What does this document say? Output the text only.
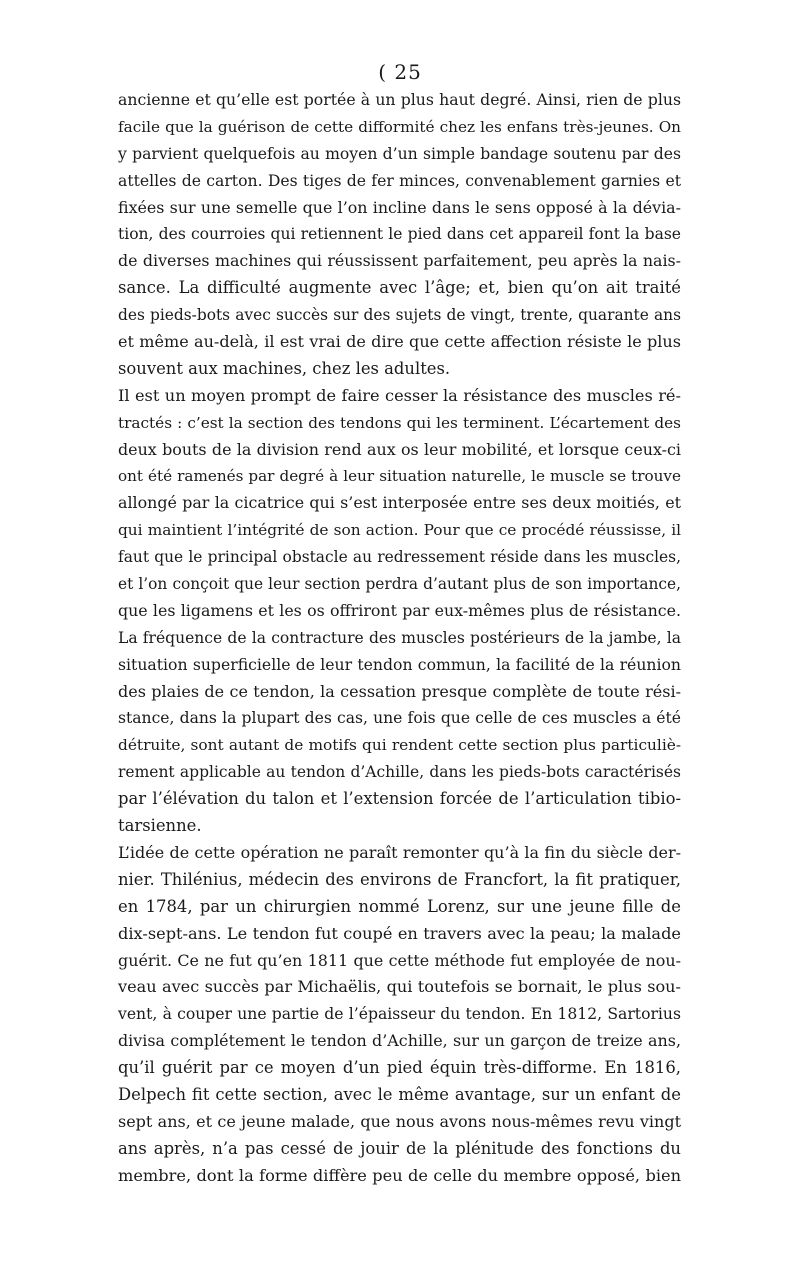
( 25
ancienne et qu’elle est portée à un plus haut degré. Ainsi, rien de plus
facile que la guérison de cette difformité chez les enfans très-jeunes. On
y parvient quelquefois au moyen d’un simple bandage soutenu par des
attelles de carton. Des tiges de fer minces, convenablement garnies et
fixées sur une semelle que l’on incline dans le sens opposé à la dévia-
tion, des courroies qui retiennent le pied dans cet appareil font la base
de diverses machines qui réussissent parfaitement, peu après la nais-
sance. La difficulté augmente avec l’âge; et, bien qu’on ait traité
des pieds-bots avec succès sur des sujets de vingt, trente, quarante ans
et même au-delà, il est vrai de dire que cette affection résiste le plus
souvent aux machines, chez les adultes.
Il est un moyen prompt de faire cesser la résistance des muscles ré-
tractés : c’est la section des tendons qui les terminent. L’écartement des
deux bouts de la division rend aux os leur mobilité, et lorsque ceux-ci
ont été ramenés par degré à leur situation naturelle, le muscle se trouve
allongé par la cicatrice qui s’est interposée entre ses deux moitiés, et
qui maintient l’intégrité de son action. Pour que ce procédé réussisse, il
faut que le principal obstacle au redressement réside dans les muscles,
et l’on conçoit que leur section perdra d’autant plus de son importance,
que les ligamens et les os offriront par eux-mêmes plus de résistance.
La fréquence de la contracture des muscles postérieurs de la jambe, la
situation superficielle de leur tendon commun, la facilité de la réunion
des plaies de ce tendon, la cessation presque complète de toute rési-
stance, dans la plupart des cas, une fois que celle de ces muscles a été
détruite, sont autant de motifs qui rendent cette section plus particuliè-
rement applicable au tendon d’Achille, dans les pieds-bots caractérisés
par l’élévation du talon et l’extension forcée de l’articulation tibio-
tarsienne.
L’idée de cette opération ne paraît remonter qu’à la fin du siècle der-
nier. Thilénius, médecin des environs de Francfort, la fit pratiquer,
en 1784, par un chirurgien nommé Lorenz, sur une jeune fille de
dix-sept-ans. Le tendon fut coupé en travers avec la peau; la malade
guérit. Ce ne fut qu’en 1811 que cette méthode fut employée de nou-
veau avec succès par Michaëlis, qui toutefois se bornait, le plus sou-
vent, à couper une partie de l’épaisseur du tendon. En 1812, Sartorius
divisa complétement le tendon d’Achille, sur un garçon de treize ans,
qu’il guérit par ce moyen d’un pied équin très-difforme. En 1816,
Delpech fit cette section, avec le même avantage, sur un enfant de
sept ans, et ce jeune malade, que nous avons nous-mêmes revu vingt
ans après, n’a pas cessé de jouir de la plénitude des fonctions du
membre, dont la forme diffère peu de celle du membre opposé, bien
